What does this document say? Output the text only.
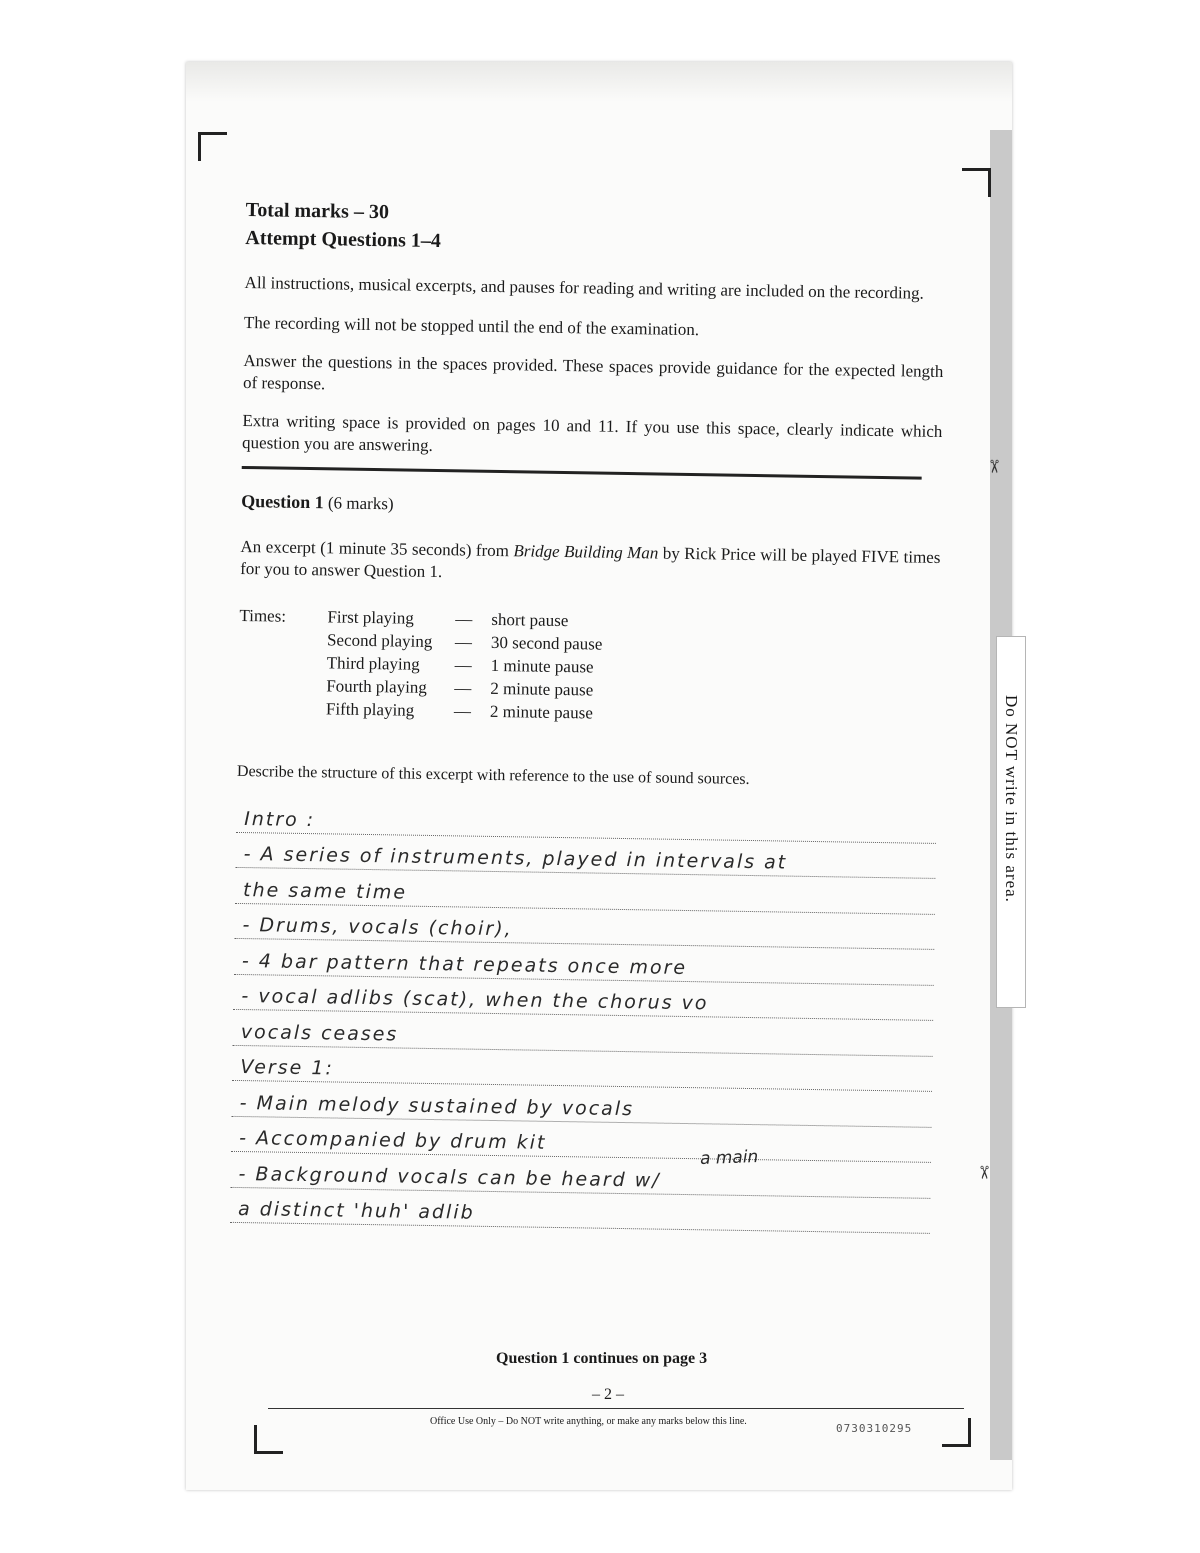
Do NOT write in this area.
✂
✂

Total marks – 30

Attempt Questions 1–4

All instructions, musical excerpts, and pauses for reading and writing are included on the recording.

The recording will not be stopped until the end of the examination.

Answer the questions in the spaces provided. These spaces provide guidance for the expected length of response.

Extra writing space is provided on pages 10 and 11. If you use this space, clearly indicate which question you are answering.

Question 1 (6 marks)

An excerpt (1 minute 35 seconds) from Bridge Building Man by Rick Price will be played FIVE times for you to answer Question 1.

Times:	First playing	—	short pause
Second playing	—	30 second pause
Third playing	—	1 minute pause
Fourth playing	—	2 minute pause
Fifth playing	—	2 minute pause

Describe the structure of this excerpt with reference to the use of sound sources.

Intro :
- A series of instruments, played in intervals at
the same time
- Drums, vocals (choir),
- 4 bar pattern that repeats once more
- vocal adlibs (scat), when the chorus vo
vocals ceases
Verse 1:
- Main melody sustained by vocals
- Accompanied by drum kit
- Background vocals can be heard w/
a distinct 'huh' adlib
a main
Question 1 continues on page 3
– 2 –
Office Use Only – Do NOT write anything, or make any marks below this line.
0730310295
